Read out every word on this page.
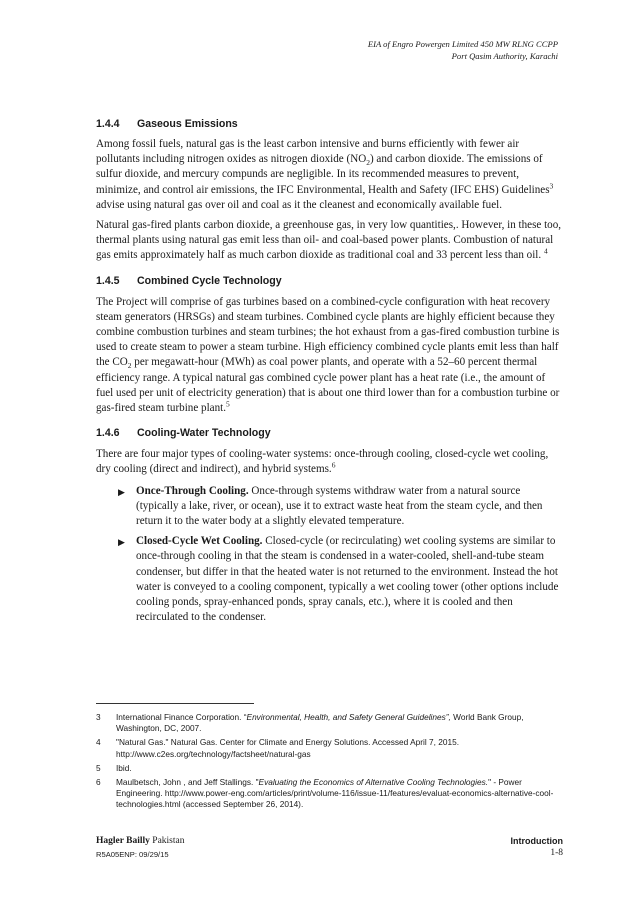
EIA of Engro Powergen Limited 450 MW RLNG CCPP
Port Qasim Authority, Karachi
1.4.4	Gaseous Emissions

Among fossil fuels, natural gas is the least carbon intensive and burns efficiently with fewer air pollutants including nitrogen oxides as nitrogen dioxide $(NO_2)$ and carbon dioxide. The emissions of sulfur dioxide, and mercury compunds are negligible. In its recommended measures to prevent, minimize, and control air emissions, the IFC Environmental, Health and Safety (IFC EHS) Guidelines$^3$ advise using natural gas over oil and coal as it the cleanest and economically available fuel.

Natural gas-fired plants carbon dioxide, a greenhouse gas, in very low quantities,. However, in these too, thermal plants using natural gas emit less than oil- and coal-based power plants. Combustion of natural gas emits approximately half as much carbon dioxide as traditional coal and 33 percent less than oil. $^4$

1.4.5	Combined Cycle Technology

The Project will comprise of gas turbines based on a combined-cycle configuration with heat recovery steam generators (HRSGs) and steam turbines. Combined cycle plants are highly efficient because they combine combustion turbines and steam turbines; the hot exhaust from a gas-fired combustion turbine is used to create steam to power a steam turbine. High efficiency combined cycle plants emit less than half the $CO_2$ per megawatt-hour (MWh) as coal power plants, and operate with a 52–60 percent thermal efficiency range. A typical natural gas combined cycle power plant has a heat rate (i.e., the amount of fuel used per unit of electricity generation) that is about one third lower than for a combustion turbine or gas-fired steam turbine plant.$^5$

1.4.6	Cooling-Water Technology

There are four major types of cooling-water systems: once-through cooling, closed-cycle wet cooling, dry cooling (direct and indirect), and hybrid systems.$^6$

▶ Once-Through Cooling. Once-through systems withdraw water from a natural source (typically a lake, river, or ocean), use it to extract waste heat from the steam cycle, and then return it to the water body at a slightly elevated temperature.
▶ Closed-Cycle Wet Cooling. Closed-cycle (or recirculating) wet cooling systems are similar to once-through cooling in that the steam is condensed in a water-cooled, shell-and-tube steam condenser, but differ in that the heated water is not returned to the environment. Instead the hot water is conveyed to a cooling component, typically a wet cooling tower (other options include cooling ponds, spray-enhanced ponds, spray canals, etc.), where it is cooled and then recirculated to the condenser.
3	International Finance Corporation. “Environmental, Health, and Safety General Guidelines”, World Bank Group, Washington, DC, 2007.
4	"Natural Gas." Natural Gas. Center for Climate and Energy Solutions. Accessed April 7, 2015. http://www.c2es.org/technology/factsheet/natural-gas
5	Ibid.
6	Maulbetsch, John , and Jeff Stallings. "Evaluating the Economics of Alternative Cooling Technologies." - Power Engineering. http://www.power-eng.com/articles/print/volume-116/issue-11/features/evaluat-economics-alternative-cool-technologies.html (accessed September 26, 2014).
Hagler Bailly Pakistan	Introduction
R5A05ENP: 09/29/15	1-8
